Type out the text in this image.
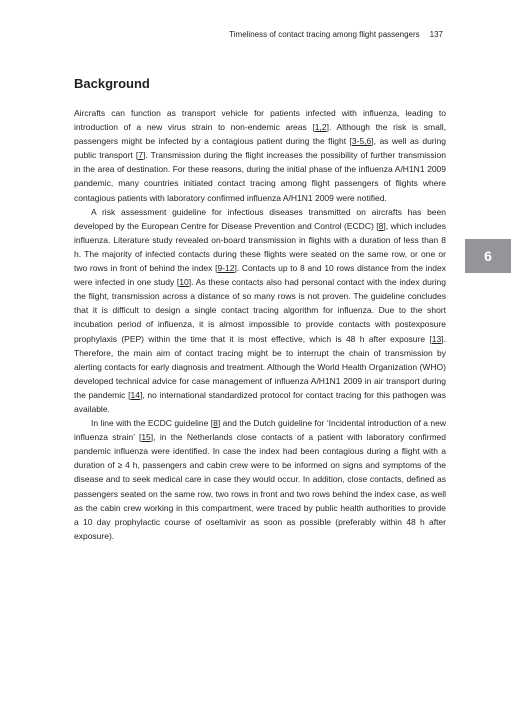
Timeliness of contact tracing among flight passengers 137
6
Background

Aircrafts can function as transport vehicle for patients infected with influenza, leading to introduction of a new virus strain to non-endemic areas [1,2]. Although the risk is small, passengers might be infected by a contagious patient during the flight [3-5,6], as well as during public transport [7]. Transmission during the flight increases the possibility of further transmission in the area of destination. For these reasons, during the initial phase of the influenza A/H1N1 2009 pandemic, many countries initiated contact tracing among flight passengers of flights where contagious patients with laboratory confirmed influenza A/H1N1 2009 were notified.

A risk assessment guideline for infectious diseases transmitted on aircrafts has been developed by the European Centre for Disease Prevention and Control (ECDC) [8], which includes influenza. Literature study revealed on-board transmission in flights with a duration of less than 8 h. The majority of infected contacts during these flights were seated on the same row, or one or two rows in front of behind the index [9-12]. Contacts up to 8 and 10 rows distance from the index were infected in one study [10]. As these contacts also had personal contact with the index during the flight, transmission across a distance of so many rows is not proven. The guideline concludes that it is difficult to design a single contact tracing algorithm for influenza. Due to the short incubation period of influenza, it is almost impossible to provide contacts with postexposure prophylaxis (PEP) within the time that it is most effective, which is 48 h after exposure [13]. Therefore, the main aim of contact tracing might be to interrupt the chain of transmission by alerting contacts for early diagnosis and treatment. Although the World Health Organization (WHO) developed technical advice for case management of influenza A/H1N1 2009 in air transport during the pandemic [14], no international standardized protocol for contact tracing for this pathogen was available.

In line with the ECDC guideline [8] and the Dutch guideline for ‘Incidental introduction of a new influenza strain’ [15], in the Netherlands close contacts of a patient with laboratory confirmed pandemic influenza were identified. In case the index had been contagious during a flight with a duration of ≥ 4 h, passengers and cabin crew were to be informed on signs and symptoms of the disease and to seek medical care in case they would occur. In addition, close contacts, defined as passengers seated on the same row, two rows in front and two rows behind the index case, as well as the cabin crew working in this compartment, were traced by public health authorities to provide a 10 day prophylactic course of oseltamivir as soon as possible (preferably within 48 h after exposure).
